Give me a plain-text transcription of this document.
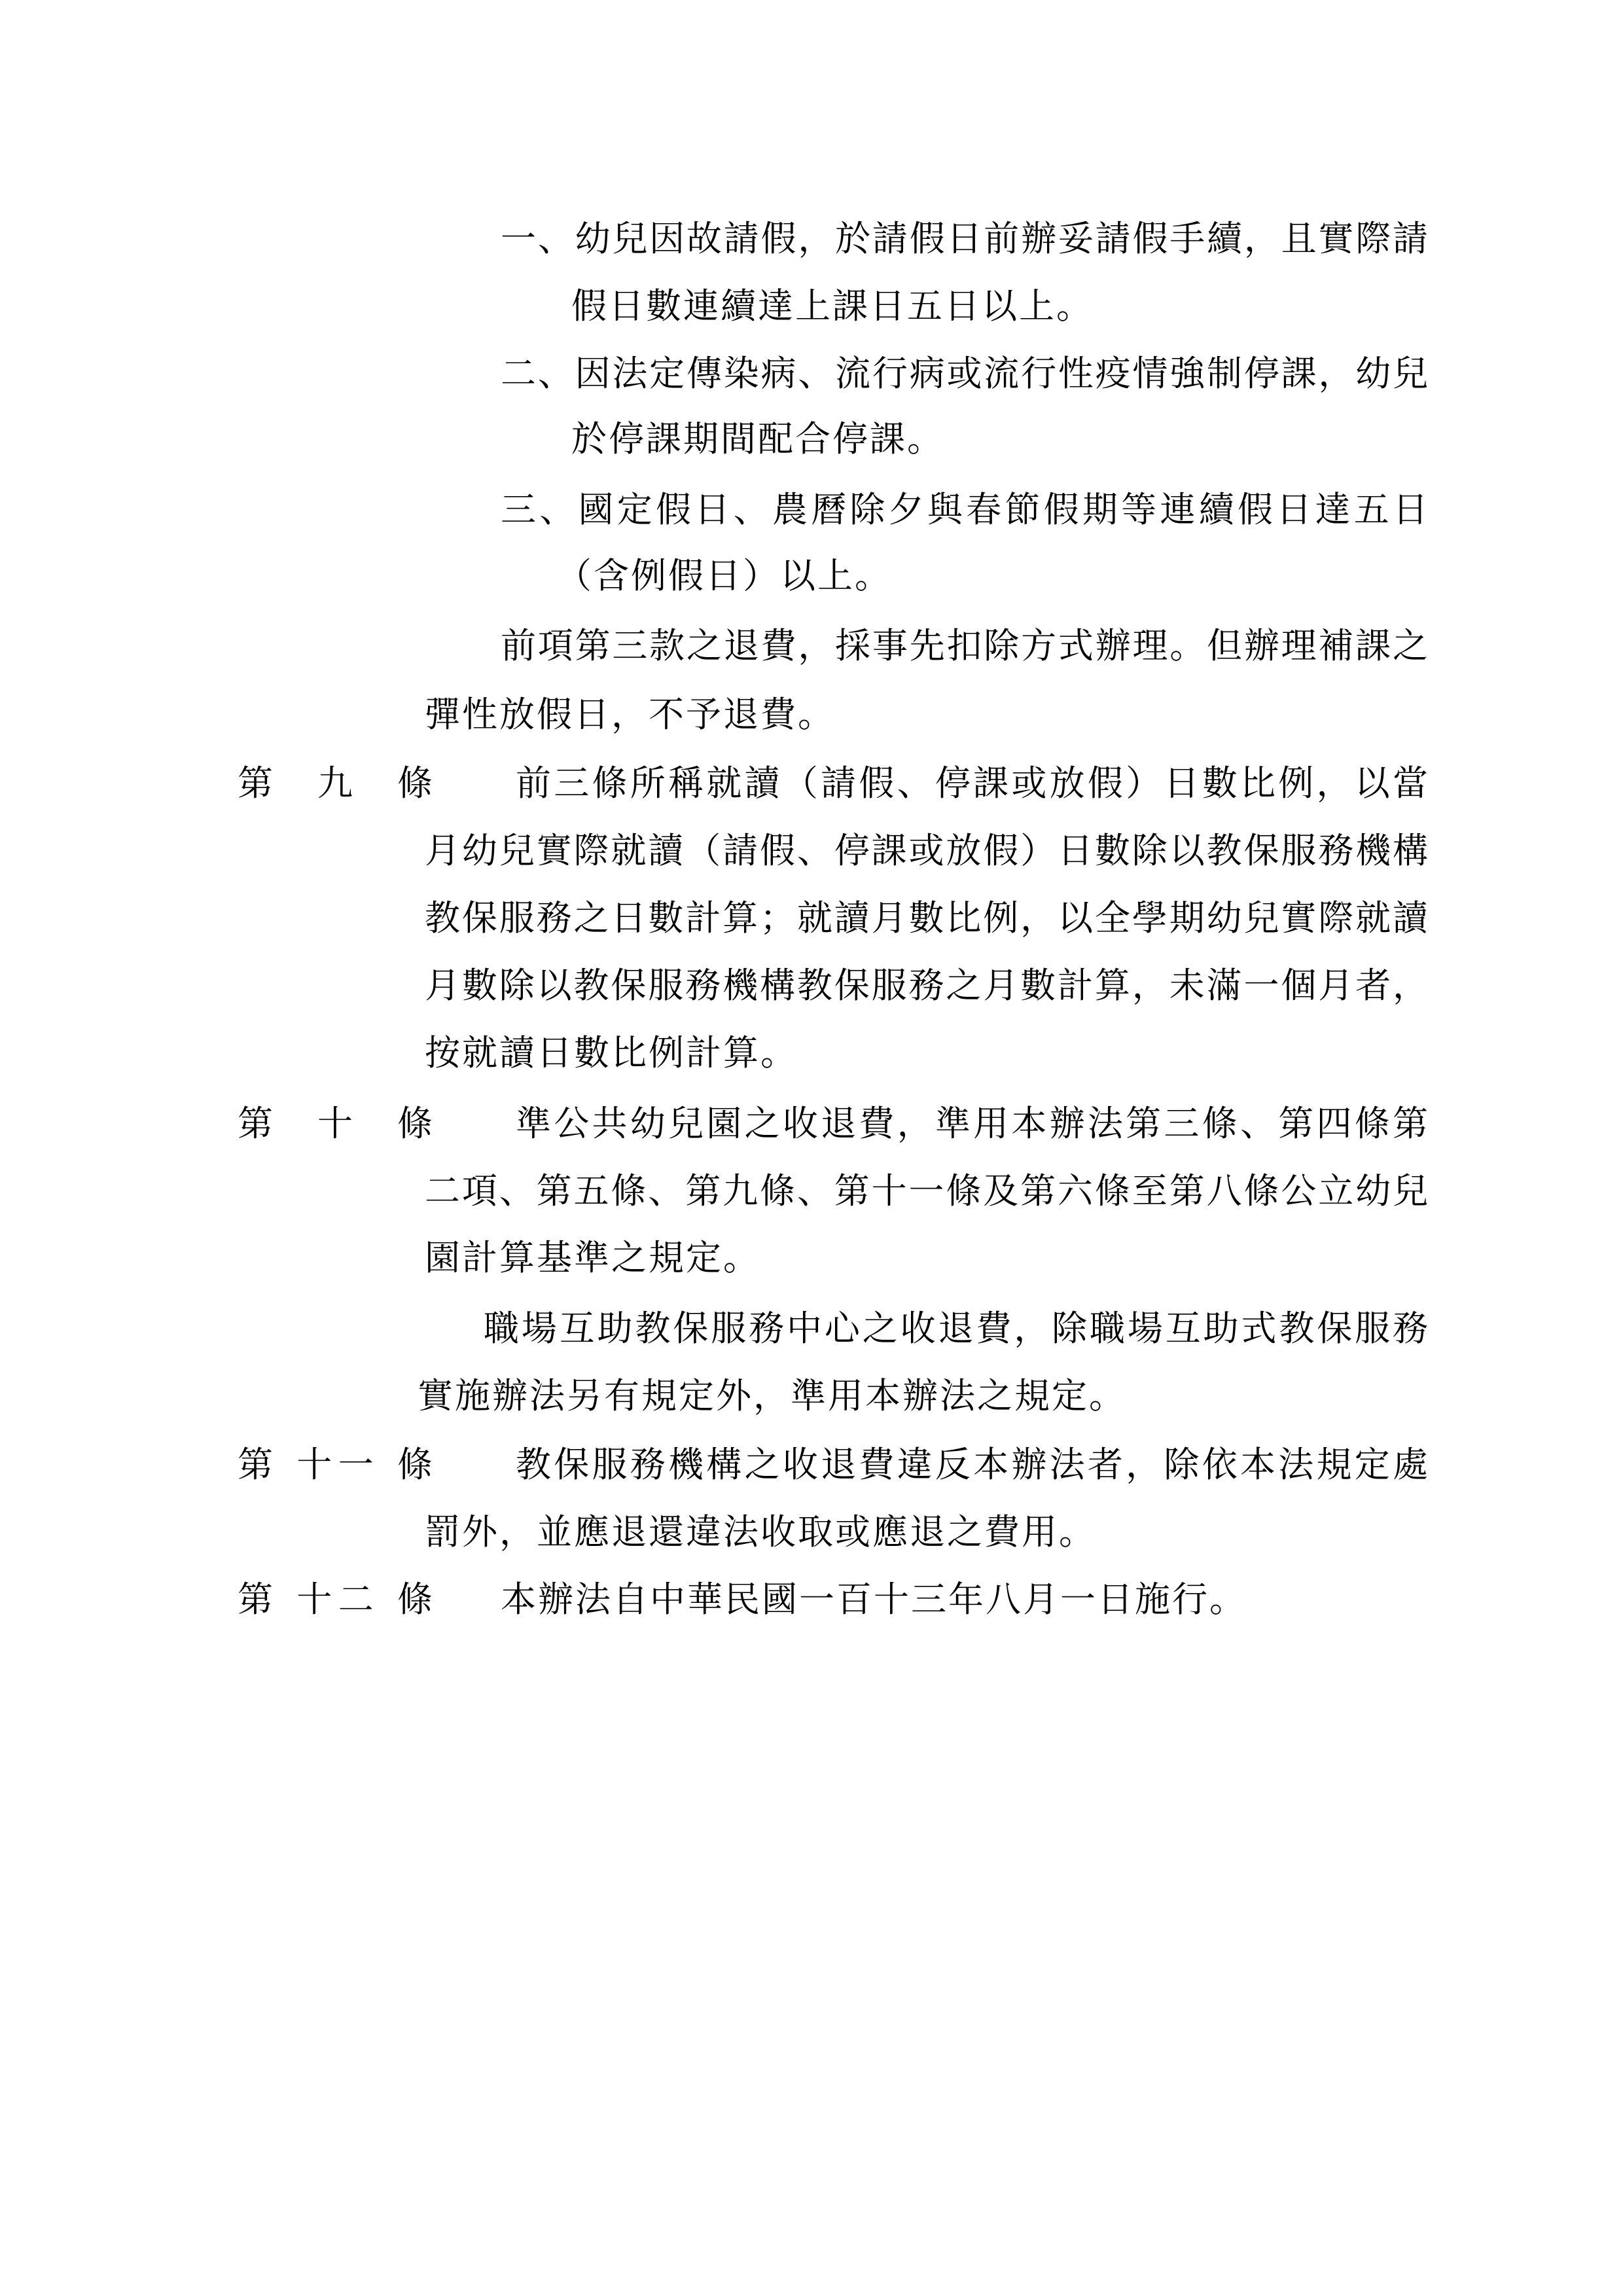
一、幼兒因故請假，於請假日前辦妥請假手續，且實際請
假日數連續達上課日五日以上。
二、因法定傳染病、流行病或流行性疫情強制停課，幼兒
於停課期間配合停課。
三、國定假日、農曆除夕與春節假期等連續假日達五日
（含例假日）以上。
前項第三款之退費，採事先扣除方式辦理。但辦理補課之
彈性放假日，不予退費。
第　九　條 前三條所稱就讀（請假、停課或放假）日數比例，以當
月幼兒實際就讀（請假、停課或放假）日數除以教保服務機構
教保服務之日數計算；就讀月數比例，以全學期幼兒實際就讀
月數除以教保服務機構教保服務之月數計算，未滿一個月者，
按就讀日數比例計算。
第　十　條 準公共幼兒園之收退費，準用本辦法第三條、第四條第
二項、第五條、第九條、第十一條及第六條至第八條公立幼兒
園計算基準之規定。
職場互助教保服務中心之收退費，除職場互助式教保服務
實施辦法另有規定外，準用本辦法之規定。
第 十一 條 教保服務機構之收退費違反本辦法者，除依本法規定處
罰外，並應退還違法收取或應退之費用。
第 十二 條 本辦法自中華民國一百十三年八月一日施行。
